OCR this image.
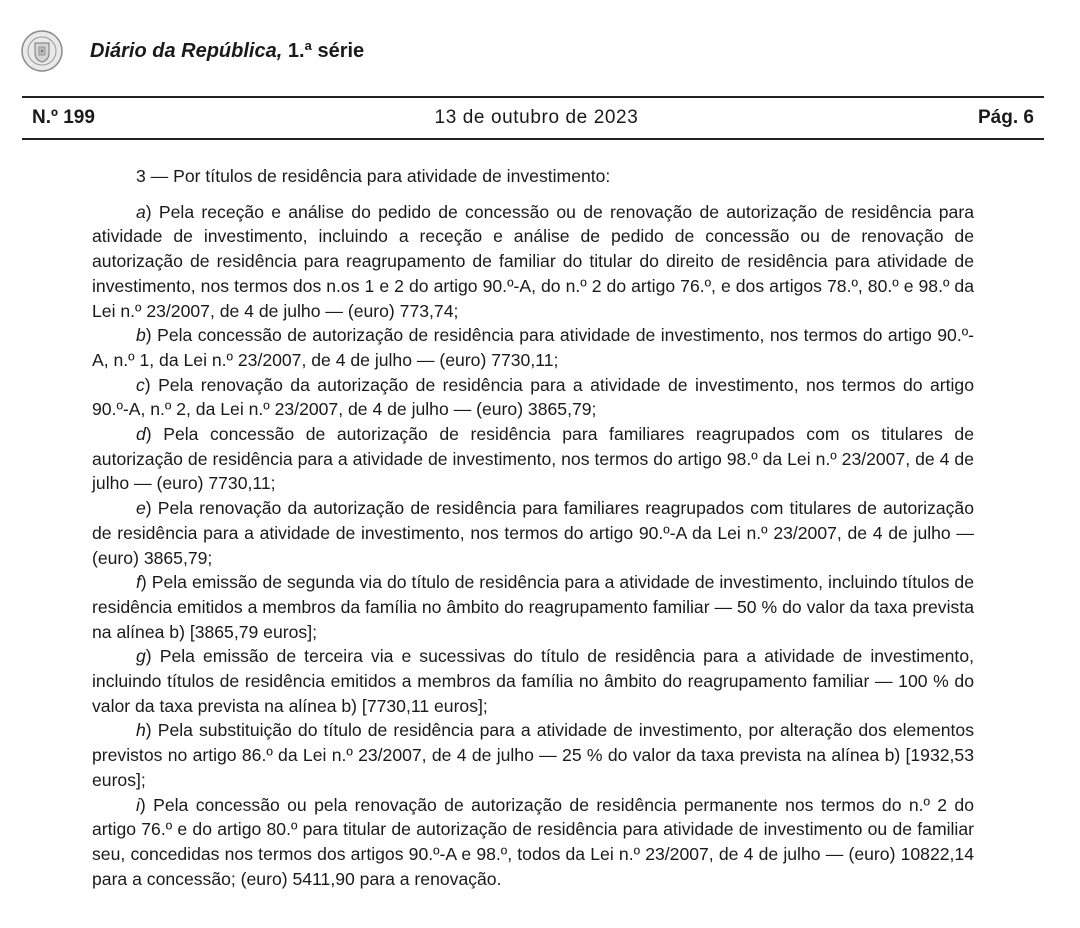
Diário da República, 1.ª série
N.º 199	13 de outubro de 2023	Pág. 6

3 — Por títulos de residência para atividade de investimento:

a) Pela receção e análise do pedido de concessão ou de renovação de autorização de residência para atividade de investimento, incluindo a receção e análise de pedido de concessão ou de renovação de autorização de residência para reagrupamento de familiar do titular do direito de residência para atividade de investimento, nos termos dos n.os 1 e 2 do artigo 90.º-A, do n.º 2 do artigo 76.º, e dos artigos 78.º, 80.º e 98.º da Lei n.º 23/2007, de 4 de julho — (euro) 773,74;

b) Pela concessão de autorização de residência para atividade de investimento, nos termos do artigo 90.º-A, n.º 1, da Lei n.º 23/2007, de 4 de julho — (euro) 7730,11;

c) Pela renovação da autorização de residência para a atividade de investimento, nos termos do artigo 90.º-A, n.º 2, da Lei n.º 23/2007, de 4 de julho — (euro) 3865,79;

d) Pela concessão de autorização de residência para familiares reagrupados com os titulares de autorização de residência para a atividade de investimento, nos termos do artigo 98.º da Lei n.º 23/2007, de 4 de julho — (euro) 7730,11;

e) Pela renovação da autorização de residência para familiares reagrupados com titulares de autorização de residência para a atividade de investimento, nos termos do artigo 90.º-A da Lei n.º 23/2007, de 4 de julho — (euro) 3865,79;

f) Pela emissão de segunda via do título de residência para a atividade de investimento, incluindo títulos de residência emitidos a membros da família no âmbito do reagrupamento familiar — 50 % do valor da taxa prevista na alínea b) [3865,79 euros];

g) Pela emissão de terceira via e sucessivas do título de residência para a atividade de investimento, incluindo títulos de residência emitidos a membros da família no âmbito do reagrupamento familiar — 100 % do valor da taxa prevista na alínea b) [7730,11 euros];

h) Pela substituição do título de residência para a atividade de investimento, por alteração dos elementos previstos no artigo 86.º da Lei n.º 23/2007, de 4 de julho — 25 % do valor da taxa prevista na alínea b) [1932,53 euros];

i) Pela concessão ou pela renovação de autorização de residência permanente nos termos do n.º 2 do artigo 76.º e do artigo 80.º para titular de autorização de residência para atividade de investimento ou de familiar seu, concedidas nos termos dos artigos 90.º-A e 98.º, todos da Lei n.º 23/2007, de 4 de julho — (euro) 10822,14 para a concessão; (euro) 5411,90 para a renovação.
